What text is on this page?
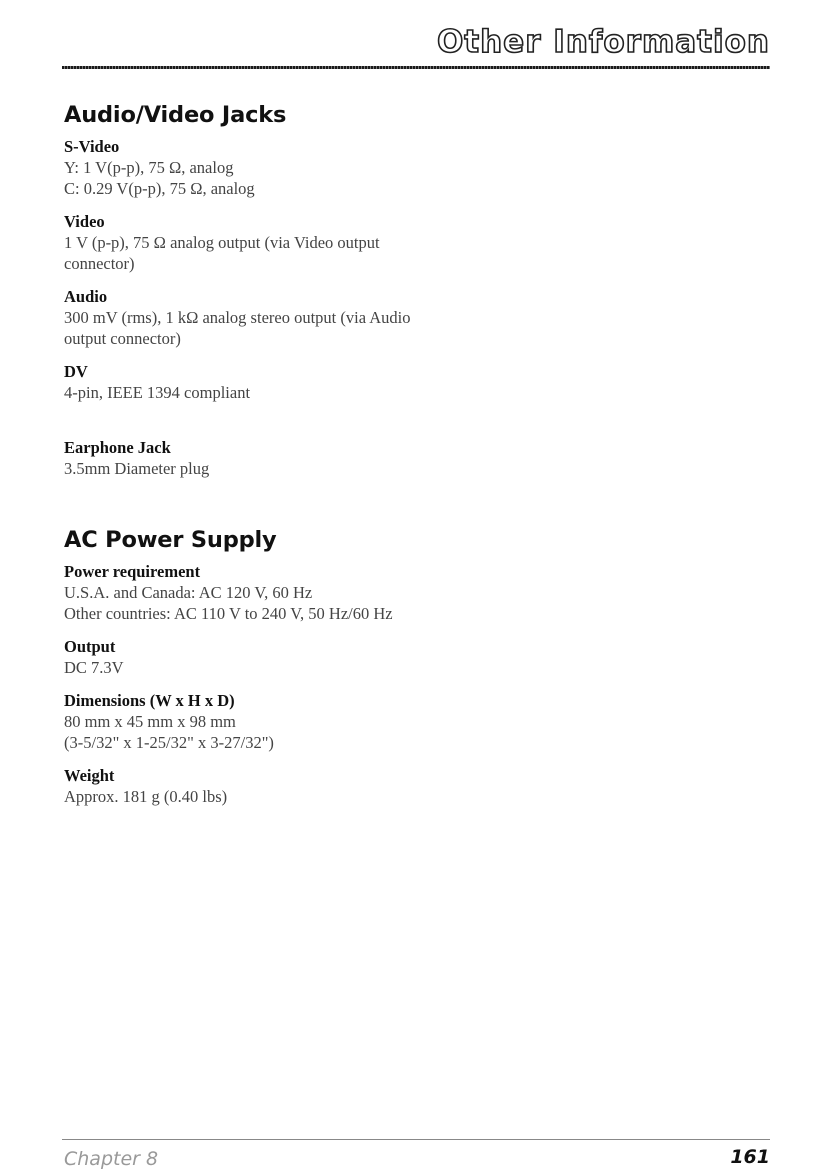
Other Information
Audio/Video Jacks

S-Video

Y: 1 V(p-p), 75 Ω, analog

C: 0.29 V(p-p), 75 Ω, analog

Video

1 V (p-p), 75 Ω analog output (via Video output

connector)

Audio

300 mV (rms), 1 kΩ analog stereo output (via Audio

output connector)

DV

4-pin, IEEE 1394 compliant

Earphone Jack

3.5mm Diameter plug

AC Power Supply

Power requirement

U.S.A. and Canada: AC 120 V, 60 Hz

Other countries: AC 110 V to 240 V, 50 Hz/60 Hz

Output

DC 7.3V

Dimensions (W x H x D)

80 mm x 45 mm x 98 mm

(3-5/32" x 1-25/32" x 3-27/32")

Weight

Approx. 181 g (0.40 lbs)

Chapter 8	161
